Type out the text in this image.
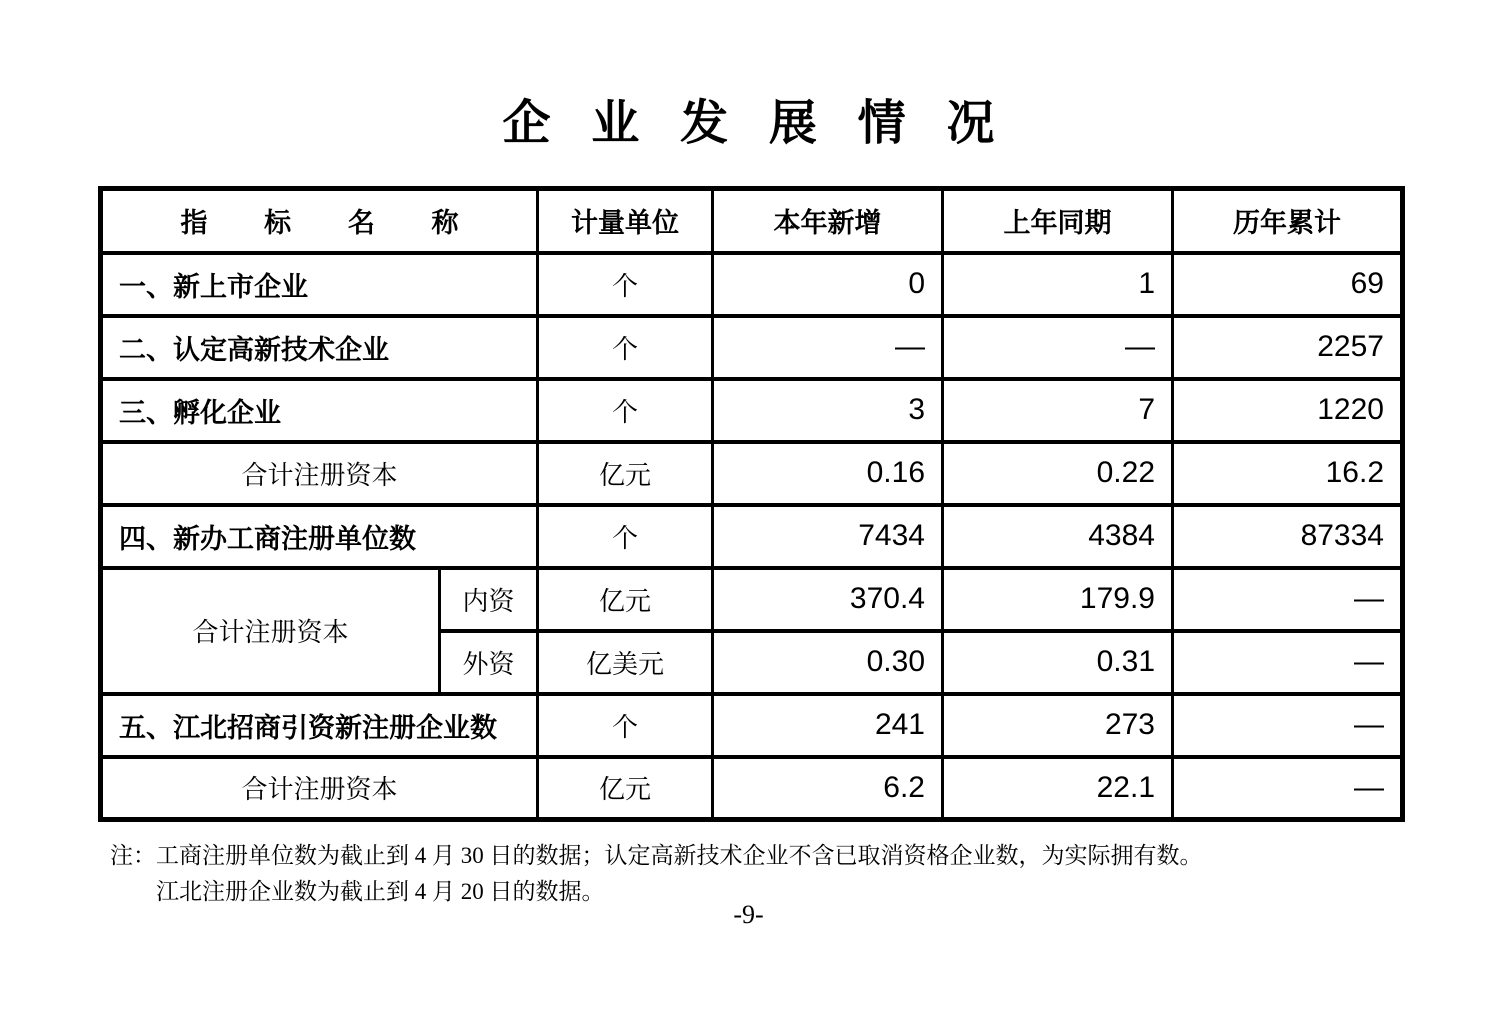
企业发展情况
指标名称		计量单位	本年新增	上年同期	历年累计
一、新上市企业		个	0	1	69
二、认定高新技术企业		个	—	—	2257
三、孵化企业		个	3	7	1220
合计注册资本		亿元	0.16	0.22	16.2
四、新办工商注册单位数		个	7434	4384	87334
合计注册资本	内资	亿元	370.4	179.9	—
	外资	亿美元	0.30	0.31	—
五、江北招商引资新注册企业数		个	241	273	—
合计注册资本		亿元	6.2	22.1	—
注： 工商注册单位数为截止到 4 月 30 日的数据；认定高新技术企业不含已取消资格企业数，为实际拥有数。
江北注册企业数为截止到 4 月 20 日的数据。
-9-
